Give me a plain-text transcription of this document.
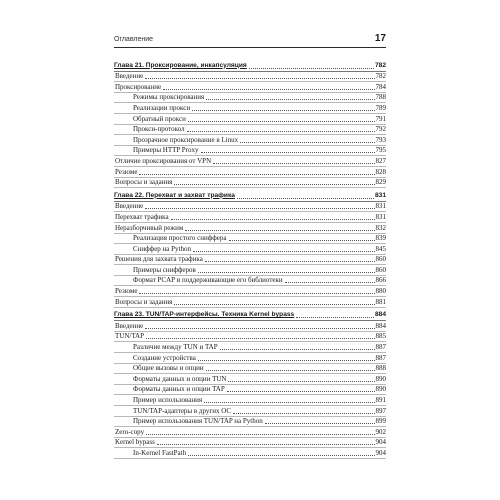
Оглавление	17
Глава 21. Проксирование, инкапсуляция	782
Введение	782
Проксирование	784
Режимы проксирования	788
Реализации прокси	789
Обратный прокси	791
Прокси-протокол	792
Прозрачное проксирование в Linux	793
Примеры HTTP Proxy	795
Отличие проксирования от VPN	827
Резюме	828
Вопросы и задания	829
Глава 22. Перехват и захват трафика	831
Введение	831
Перехват трафика	831
Неразборчивый режим	832
Реализация простого сниффера	839
Сниффер на Python	845
Решения для захвата трафика	860
Примеры снифферов	860
Формат PCAP и поддерживающие его библиотеки	866
Резюме	880
Вопросы и задания	881
Глава 23. TUN/TAP-интерфейсы. Техника Kernel bypass	884
Введение	884
TUN/TAP	885
Различие между TUN и TAP	887
Создание устройства	887
Общие вызовы и опции	888
Форматы данных и опции TUN	890
Форматы данных и опции TAP	890
Пример использования	891
TUN/TAP-адаптеры в других ОС	897
Пример использования TUN/TAP на Python	899
Zero-copy	902
Kernel bypass	904
In-Kernel FastPath	904
